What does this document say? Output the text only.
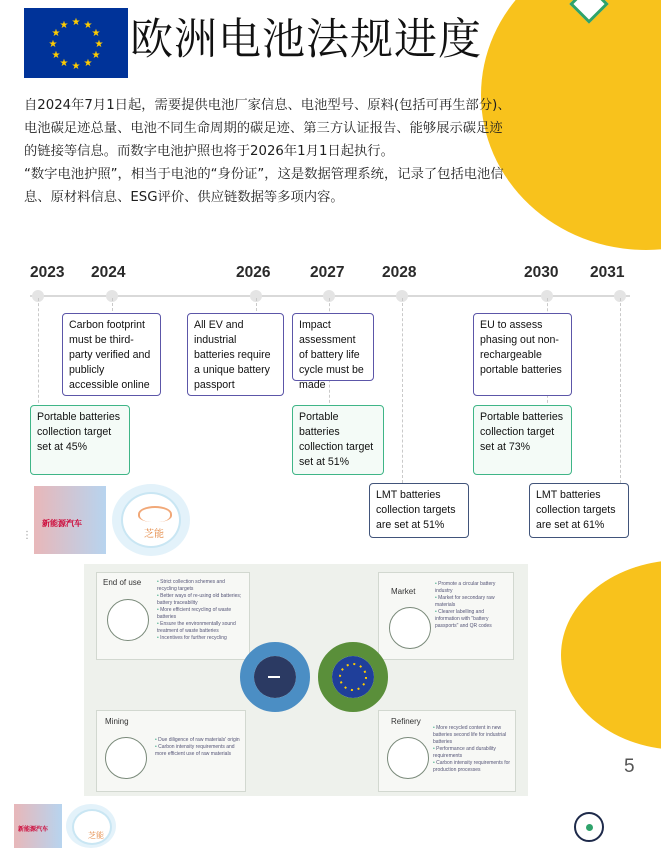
★ ★
★
★
★
★
★
★
★
★
★
★ 欧洲电池法规进度

自2024年7月1日起，需要提供电池厂家信息、电池型号、原料(包括可再生部分)、

电池碳足迹总量、电池不同生命周期的碳足迹、第三方认证报告、能够展示碳足迹

的链接等信息。而数字电池护照也将于2026年1月1日起执行。

“数字电池护照”，相当于电池的“身份证”，这是数据管理系统，记录了包括电池信

息、原材料信息、ESG评价、供应链数据等多项内容。

2023 2024	2026	2027 2028	2030 2031
Carbon footprint must be third-party verified and publicly accessible online
All EV and industrial batteries require a unique battery passport
Impact assessment of battery life cycle must be made
EU to assess phasing out non-rechargeable portable batteries
Portable batteries collection target set at 45%
Portable batteries collection target set at 51%
Portable batteries collection target set at 73%
LMT batteries collection targets are set at 51%
LMT batteries collection targets are set at 61%
新能源汽车
芝能
⋮
End of use
•	Strict collection schemes and recycling targets
• Better ways of re-using old batteries; battery traceability
• More efficient recycling of waste batteries
• Ensure the environmentally sound treatment of waste batteries
• Incentives for further recycling
Market
• Promote a circular battery industry
• Market for secondary raw materials
• Clearer labelling and information with "battery passports" and QR codes
Mining
• Due diligence of raw materials' origin
• Carbon intensity requirements and more efficient use of raw materials
Refinery
• More recycled content in new batteries second life for industrial batteries
• Performance and durability requirements
• Carbon intensity requirements for production processes	5
新能源汽车
芝能
